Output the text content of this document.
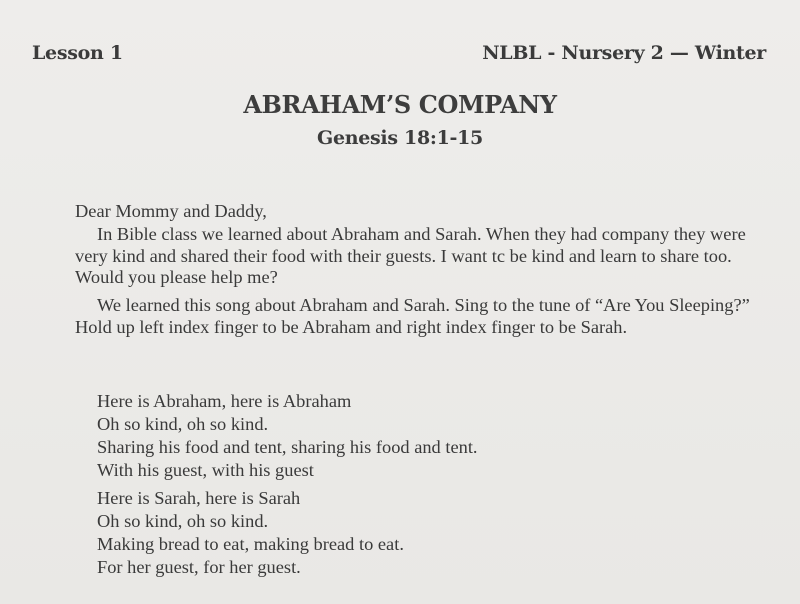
Lesson 1	NLBL - Nursery 2 — Winter
ABRAHAM’S COMPANY
Genesis 18:1-15

Dear Mommy and Daddy,

In Bible class we learned about Abraham and Sarah. When they had company they were very kind and shared their food with their guests. I want tc be kind and learn to share too. Would you please help me?

We learned this song about Abraham and Sarah. Sing to the tune of “Are You Sleeping?” Hold up left index finger to be Abraham and right index finger to be Sarah.

Here is Abraham, here is Abraham
Oh so kind, oh so kind.
Sharing his food and tent, sharing his food and tent.
With his guest, with his guest
Here is Sarah, here is Sarah
Oh so kind, oh so kind.
Making bread to eat, making bread to eat.
For her guest, for her guest.
